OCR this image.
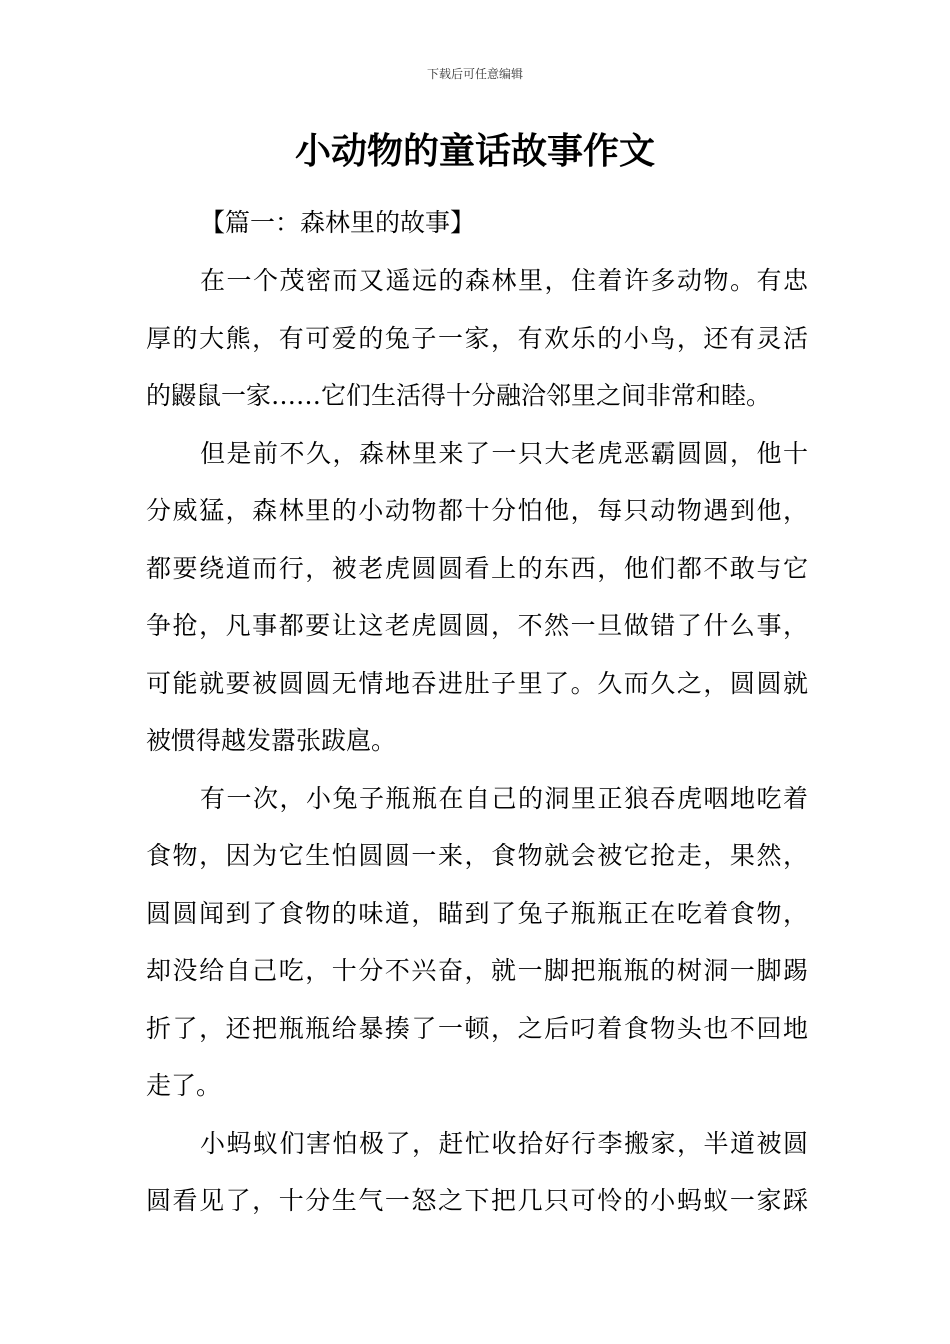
下载后可任意编辑
小动物的童话故事作文

【篇一：森林里的故事】

在一个茂密而又遥远的森林里，住着许多动物。有忠
厚的大熊，有可爱的兔子一家，有欢乐的小鸟，还有灵活
的鼹鼠一家……它们生活得十分融洽邻里之间非常和睦。

但是前不久，森林里来了一只大老虎恶霸圆圆，他十
分威猛，森林里的小动物都十分怕他，每只动物遇到他，
都要绕道而行，被老虎圆圆看上的东西，他们都不敢与它
争抢，凡事都要让这老虎圆圆，不然一旦做错了什么事，
可能就要被圆圆无情地吞进肚子里了。久而久之，圆圆就
被惯得越发嚣张跋扈。

有一次，小兔子瓶瓶在自己的洞里正狼吞虎咽地吃着
食物，因为它生怕圆圆一来，食物就会被它抢走，果然，
圆圆闻到了食物的味道，瞄到了兔子瓶瓶正在吃着食物，
却没给自己吃，十分不兴奋，就一脚把瓶瓶的树洞一脚踢
折了，还把瓶瓶给暴揍了一顿，之后叼着食物头也不回地
走了。

小蚂蚁们害怕极了，赶忙收拾好行李搬家，半道被圆
圆看见了，十分生气一怒之下把几只可怜的小蚂蚁一家踩
